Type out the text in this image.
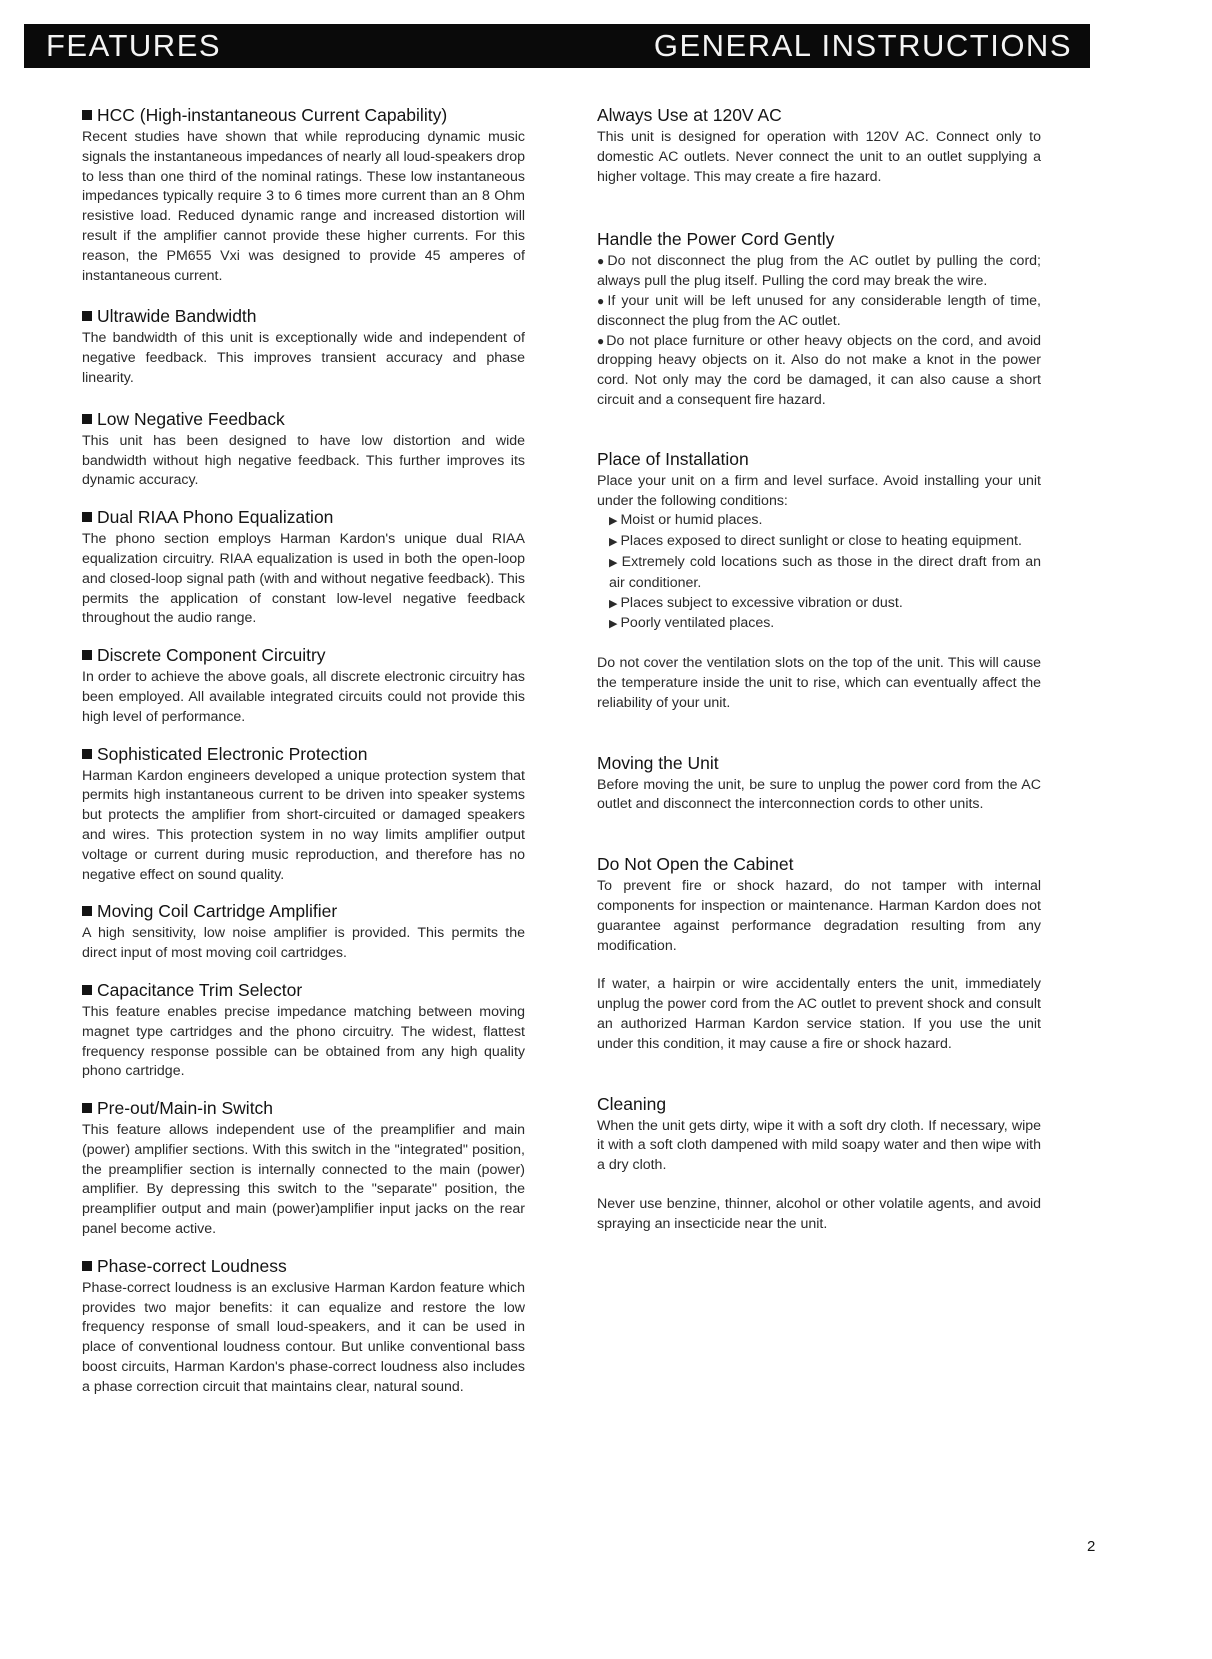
FEATURES	GENERAL INSTRUCTIONS
HCC (High-instantaneous Current Capability)

Recent studies have shown that while reproducing dynamic music signals the instantaneous impedances of nearly all loud-speakers drop to less than one third of the nominal ratings. These low instantaneous impedances typically require 3 to 6 times more current than an 8 Ohm resistive load. Reduced dynamic range and increased distortion will result if the amplifier cannot provide these higher currents. For this reason, the PM655 Vxi was designed to provide 45 amperes of instantaneous current.

Ultrawide Bandwidth

The bandwidth of this unit is exceptionally wide and independent of negative feedback. This improves transient accuracy and phase linearity.

Low Negative Feedback

This unit has been designed to have low distortion and wide bandwidth without high negative feedback. This further improves its dynamic accuracy.

Dual RIAA Phono Equalization

The phono section employs Harman Kardon's unique dual RIAA equalization circuitry. RIAA equalization is used in both the open-loop and closed-loop signal path (with and without negative feedback). This permits the application of constant low-level negative feedback throughout the audio range.

Discrete Component Circuitry

In order to achieve the above goals, all discrete electronic circuitry has been employed. All available integrated circuits could not provide this high level of performance.

Sophisticated Electronic Protection

Harman Kardon engineers developed a unique protection system that permits high instantaneous current to be driven into speaker systems but protects the amplifier from short-circuited or damaged speakers and wires. This protection system in no way limits amplifier output voltage or current during music reproduction, and therefore has no negative effect on sound quality.

Moving Coil Cartridge Amplifier

A high sensitivity, low noise amplifier is provided. This permits the direct input of most moving coil cartridges.

Capacitance Trim Selector

This feature enables precise impedance matching between moving magnet type cartridges and the phono circuitry. The widest, flattest frequency response possible can be obtained from any high quality phono cartridge.

Pre-out/Main-in Switch

This feature allows independent use of the preamplifier and main (power) amplifier sections. With this switch in the "integrated" position, the preamplifier section is internally connected to the main (power) amplifier. By depressing this switch to the "separate" position, the preamplifier output and main (power)amplifier input jacks on the rear panel become active.

Phase-correct Loudness

Phase-correct loudness is an exclusive Harman Kardon feature which provides two major benefits: it can equalize and restore the low frequency response of small loud-speakers, and it can be used in place of conventional loudness contour. But unlike conventional bass boost circuits, Harman Kardon's phase-correct loudness also includes a phase correction circuit that maintains clear, natural sound.

Always Use at 120V AC

This unit is designed for operation with 120V AC. Connect only to domestic AC outlets. Never connect the unit to an outlet supplying a higher voltage. This may create a fire hazard.

Handle the Power Cord Gently

●Do not disconnect the plug from the AC outlet by pulling the cord; always pull the plug itself. Pulling the cord may break the wire.

●If your unit will be left unused for any considerable length of time, disconnect the plug from the AC outlet.

●Do not place furniture or other heavy objects on the cord, and avoid dropping heavy objects on it. Also do not make a knot in the power cord. Not only may the cord be damaged, it can also cause a short circuit and a consequent fire hazard.

Place of Installation

Place your unit on a firm and level surface. Avoid installing your unit under the following conditions:

▶ Moist or humid places.

▶ Places exposed to direct sunlight or close to heating equipment.

▶ Extremely cold locations such as those in the direct draft from an air conditioner.

▶ Places subject to excessive vibration or dust.

▶ Poorly ventilated places.

Do not cover the ventilation slots on the top of the unit. This will cause the temperature inside the unit to rise, which can eventually affect the reliability of your unit.

Moving the Unit

Before moving the unit, be sure to unplug the power cord from the AC outlet and disconnect the interconnection cords to other units.

Do Not Open the Cabinet

To prevent fire or shock hazard, do not tamper with internal components for inspection or maintenance. Harman Kardon does not guarantee against performance degradation resulting from any modification.

If water, a hairpin or wire accidentally enters the unit, immediately unplug the power cord from the AC outlet to prevent shock and consult an authorized Harman Kardon service station. If you use the unit under this condition, it may cause a fire or shock hazard.

Cleaning

When the unit gets dirty, wipe it with a soft dry cloth. If necessary, wipe it with a soft cloth dampened with mild soapy water and then wipe with a dry cloth.

Never use benzine, thinner, alcohol or other volatile agents, and avoid spraying an insecticide near the unit.

2
